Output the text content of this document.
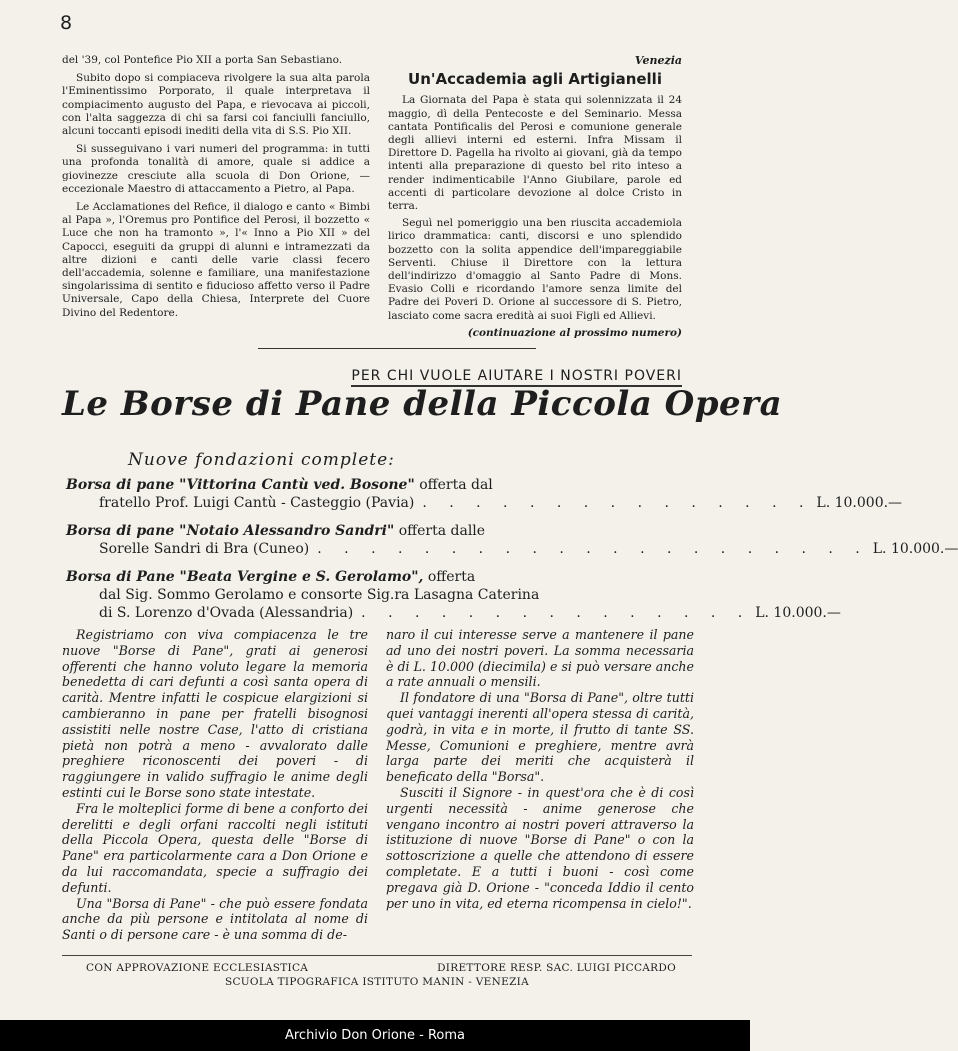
8

del '39, col Pontefice Pio XII a porta San Sebastiano.

Subito dopo si compiaceva rivolgere la sua alta parola l'Eminentissimo Porporato, il quale interpretava il compiacimento augusto del Papa, e rievocava ai piccoli, con l'alta saggezza di chi sa farsi coi fanciulli fanciullo, alcuni toccanti episodi inediti della vita di S.S. Pio XII.

Si susseguivano i vari numeri del programma: in tutti una profonda tonalità di amore, quale si addice a giovinezze cresciute alla scuola di Don Orione, — eccezionale Maestro di attaccamento a Pietro, al Papa.

Le Acclamationes del Refice, il dialogo e canto « Bimbi al Papa », l'Oremus pro Pontifice del Perosi, il bozzetto « Luce che non ha tramonto », l'« Inno a Pio XII » del Capocci, eseguiti da gruppi di alunni e intramezzati da altre dizioni e canti delle varie classi fecero dell'accademia, solenne e familiare, una manifestazione singolarissima di sentito e fiducioso affetto verso il Padre Universale, Capo della Chiesa, Interprete del Cuore Divino del Redentore.

Venezia
Un'Accademia agli Artigianelli

La Giornata del Papa è stata qui solennizzata il 24 maggio, dì della Pentecoste e del Seminario. Messa cantata Pontificalis del Perosi e comunione generale degli allievi interni ed esterni. Infra Missam il Direttore D. Pagella ha rivolto ai giovani, già da tempo intenti alla preparazione di questo bel rito inteso a render indimenticabile l'Anno Giubilare, parole ed accenti di particolare devozione al dolce Cristo in terra.

Seguì nel pomeriggio una ben riuscita accademiola lirico drammatica: canti, discorsi e uno splendido bozzetto con la solita appendice dell'impareggiabile Serventi. Chiuse il Direttore con la lettura dell'indirizzo d'omaggio al Santo Padre di Mons. Evasio Colli e ricordando l'amore senza limite del Padre dei Poveri D. Orione al successore di S. Pietro, lasciato come sacra eredità ai suoi Figli ed Allievi.

(continuazione al prossimo numero)
PER CHI VUOLE AIUTARE I NOSTRI POVERI
Le Borse di Pane della Piccola Opera
Nuove fondazioni complete:
Borsa di pane "Vittorina Cantù ved. Bosone" offerta dal
fratello Prof. Luigi Cantù - Casteggio (Pavia) . . . . . . . . . . . . . . . L. 10.000.—
Borsa di pane "Notaio Alessandro Sandri" offerta dalle
Sorelle Sandri di Bra (Cuneo) . . . . . . . . . . . . . . . . . . . . . L. 10.000.—
Borsa di Pane "Beata Vergine e S. Gerolamo", offerta
dal Sig. Sommo Gerolamo e consorte Sig.ra Lasagna Caterina
di S. Lorenzo d'Ovada (Alessandria) . . . . . . . . . . . . . . . L. 10.000.—

Registriamo con viva compiacenza le tre nuove "Borse di Pane", grati ai generosi offerenti che hanno voluto legare la memoria benedetta di cari defunti a così santa opera di carità. Mentre infatti le cospicue elargizioni si cambieranno in pane per fratelli bisognosi assistiti nelle nostre Case, l'atto di cristiana pietà non potrà a meno - avvalorato dalle preghiere riconoscenti dei poveri - di raggiungere in valido suffragio le anime degli estinti cui le Borse sono state intestate.

Fra le molteplici forme di bene a conforto dei derelitti e degli orfani raccolti negli istituti della Piccola Opera, questa delle "Borse di Pane" era particolarmente cara a Don Orione e da lui raccomandata, specie a suffragio dei defunti.

Una "Borsa di Pane" - che può essere fondata anche da più persone e intitolata al nome di Santi o di persone care - è una somma di de-

naro il cui interesse serve a mantenere il pane ad uno dei nostri poveri. La somma necessaria è di L. 10.000 (diecimila) e si può versare anche a rate annuali o mensili.

Il fondatore di una "Borsa di Pane", oltre tutti quei vantaggi inerenti all'opera stessa di carità, godrà, in vita e in morte, il frutto di tante SS. Messe, Comunioni e preghiere, mentre avrà larga parte dei meriti che acquisterà il beneficato della "Borsa".

Susciti il Signore - in quest'ora che è di così urgenti necessità - anime generose che vengano incontro ai nostri poveri attraverso la istituzione di nuove "Borse di Pane" o con la sottoscrizione a quelle che attendono di essere completate. E a tutti i buoni - così come pregava già D. Orione - "conceda Iddio il cento per uno in vita, ed eterna ricompensa in cielo!".

CON APPROVAZIONE ECCLESIASTICA	DIRETTORE RESP. SAC. LUIGI PICCARDO
SCUOLA TIPOGRAFICA ISTITUTO MANIN - VENEZIA
Archivio Don Orione - Roma
